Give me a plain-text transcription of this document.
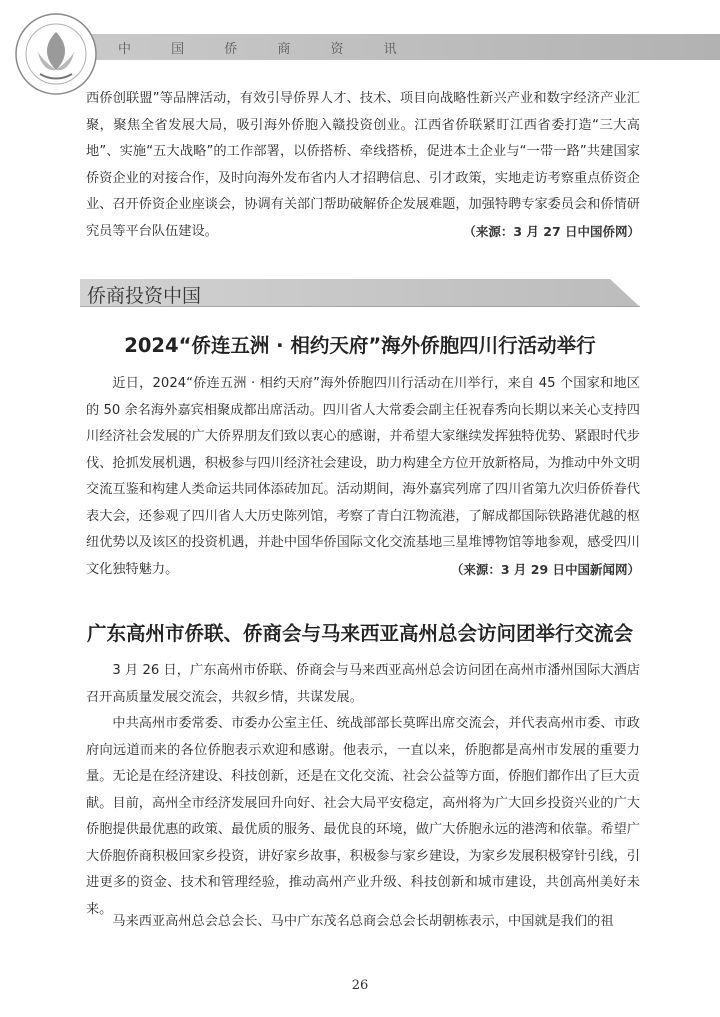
中 国 侨 商 资 讯

西侨创联盟”等品牌活动，有效引导侨界人才、技术、项目向战略性新兴产业和数字经济产业汇聚，聚焦全省发展大局，吸引海外侨胞入赣投资创业。江西省侨联紧盯江西省委打造“三大高地”、实施“五大战略”的工作部署，以侨搭桥、牵线搭桥，促进本土企业与“一带一路”共建国家侨资企业的对接合作，及时向海外发布省内人才招聘信息、引才政策，实地走访考察重点侨资企业、召开侨资企业座谈会，协调有关部门帮助破解侨企发展难题，加强特聘专家委员会和侨情研究员等平台队伍建设。	（来源：3 月 27 日中国侨网）

侨商投资中国
2024“侨连五洲 · 相约天府”海外侨胞四川行活动举行

近日，2024“侨连五洲 · 相约天府”海外侨胞四川行活动在川举行，来自 45 个国家和地区的 50 余名海外嘉宾相聚成都出席活动。四川省人大常委会副主任祝春秀向长期以来关心支持四川经济社会发展的广大侨界朋友们致以衷心的感谢，并希望大家继续发挥独特优势、紧跟时代步伐、抢抓发展机遇，积极参与四川经济社会建设，助力构建全方位开放新格局，为推动中外文明交流互鉴和构建人类命运共同体添砖加瓦。活动期间，海外嘉宾列席了四川省第九次归侨侨眷代表大会，还参观了四川省人大历史陈列馆，考察了青白江物流港，了解成都国际铁路港优越的枢纽优势以及该区的投资机遇，并赴中国华侨国际文化交流基地三星堆博物馆等地参观，感受四川文化独特魅力。	（来源：3 月 29 日中国新闻网）

广东高州市侨联、侨商会与马来西亚高州总会访问团举行交流会

3 月 26 日，广东高州市侨联、侨商会与马来西亚高州总会访问团在高州市潘州国际大酒店召开高质量发展交流会，共叙乡情，共谋发展。

中共高州市委常委、市委办公室主任、统战部部长莫晖出席交流会，并代表高州市委、市政府向远道而来的各位侨胞表示欢迎和感谢。他表示，一直以来，侨胞都是高州市发展的重要力量。无论是在经济建设、科技创新，还是在文化交流、社会公益等方面，侨胞们都作出了巨大贡献。目前，高州全市经济发展回升向好、社会大局平安稳定，高州将为广大回乡投资兴业的广大侨胞提供最优惠的政策、最优质的服务、最优良的环境，做广大侨胞永远的港湾和依靠。希望广大侨胞侨商积极回家乡投资，讲好家乡故事，积极参与家乡建设，为家乡发展积极穿针引线，引进更多的资金、技术和管理经验，推动高州产业升级、科技创新和城市建设，共创高州美好未来。

马来西亚高州总会总会长、马中广东茂名总商会总会长胡朝栋表示，中国就是我们的祖

26
